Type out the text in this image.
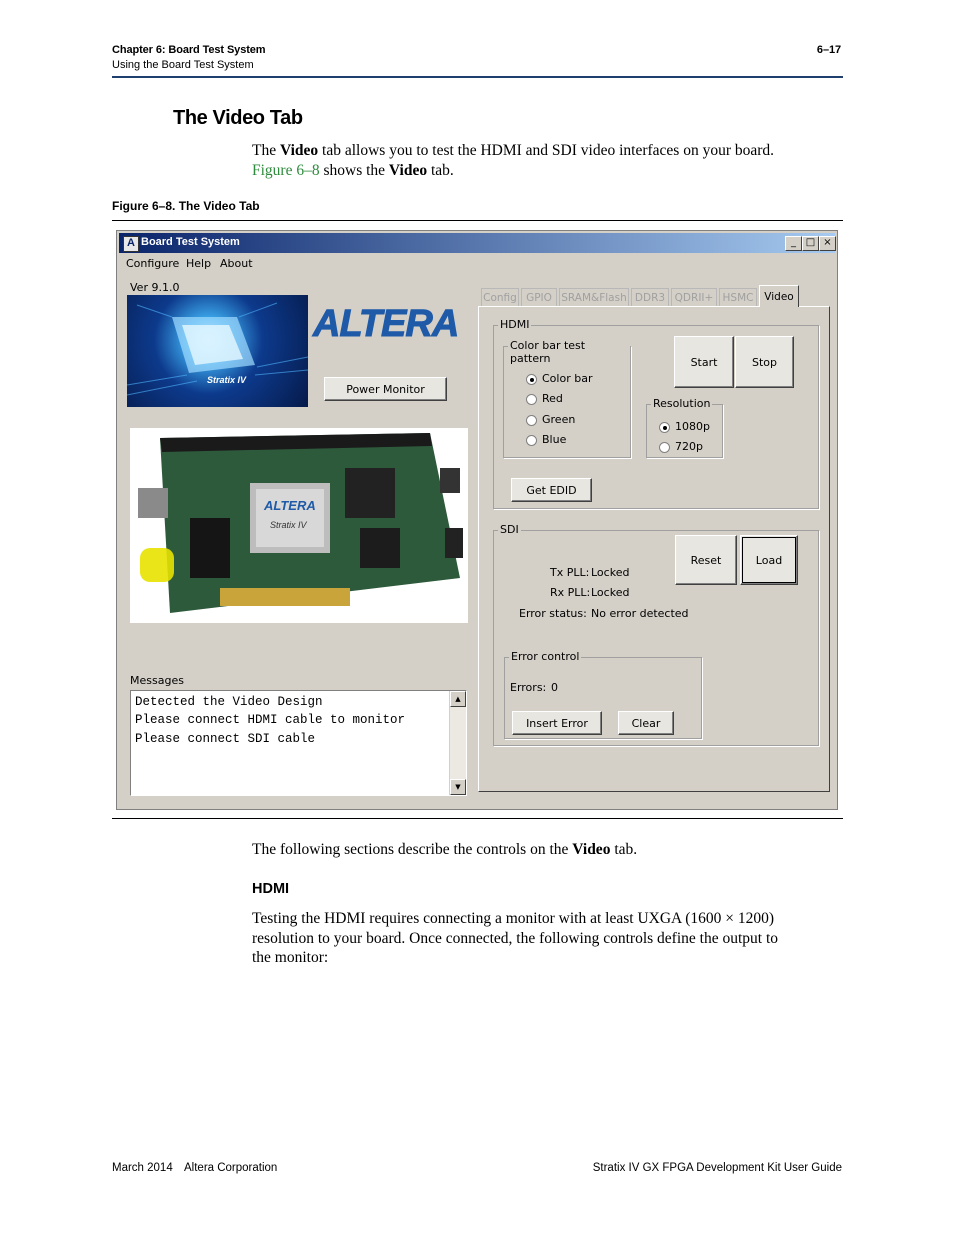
Chapter 6: Board Test System
Using the Board Test System
6–17
The Video Tab
The Video tab allows you to test the HDMI and SDI video interfaces on your board.
Figure 6–8 shows the Video tab.
Figure 6–8. The Video Tab
A Board Test System	_ □ ×
Configure Help About
Ver 9.1.0
Stratix IV
ALTERA
Power Monitor
ALTERA
Stratix IV
Messages
Detected the Video Design
Please connect HDMI cable to monitor
Please connect SDI cable
▲
▼
Config GPIO SRAM&Flash DDR3 QDRII+ HSMC	Video
HDMI
Color bar test pattern
Color bar
Red
Green
Blue
Start	Stop
Resolution
1080p
720p
Get EDID
SDI
Reset	Load
Tx PLL: Locked
Rx PLL: Locked
Error status: No error detected
Error control
Errors: 0
Insert Error	Clear
The following sections describe the controls on the Video tab.
HDMI
Testing the HDMI requires connecting a monitor with at least UXGA (1600 × 1200)
resolution to your board. Once connected, the following controls define the output to
the monitor:
March 2014 Altera Corporation	Stratix IV GX FPGA Development Kit User Guide
